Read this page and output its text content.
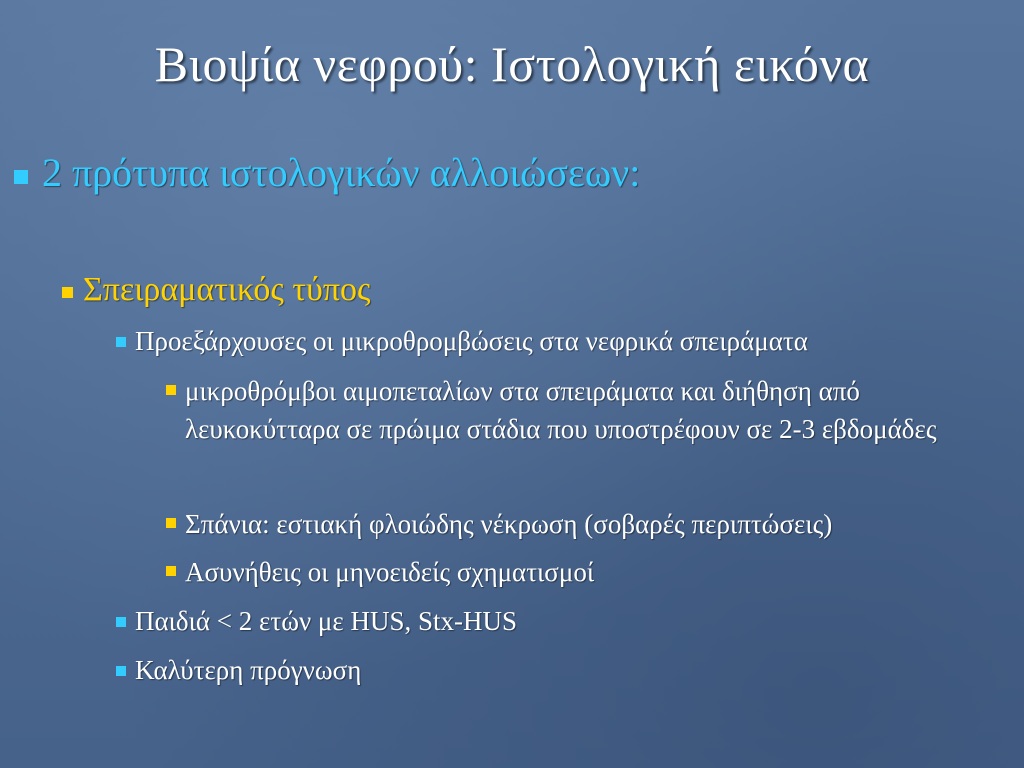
Βιοψία νεφρού: Ιστολογική εικόνα
2 πρότυπα ιστολογικών αλλοιώσεων:
Σπειραματικός τύπος
Προεξάρχουσες οι μικροθρομβώσεις στα νεφρικά σπειράματα
μικροθρόμβοι αιμοπεταλίων στα σπειράματα και διήθηση από λευκοκύτταρα σε πρώιμα στάδια που υποστρέφουν σε 2-3 εβδομάδες
Σπάνια: εστιακή φλοιώδης νέκρωση (σοβαρές περιπτώσεις)
Ασυνήθεις οι μηνοειδείς σχηματισμοί
Παιδιά < 2 ετών με HUS, Stx-HUS
Καλύτερη πρόγνωση
